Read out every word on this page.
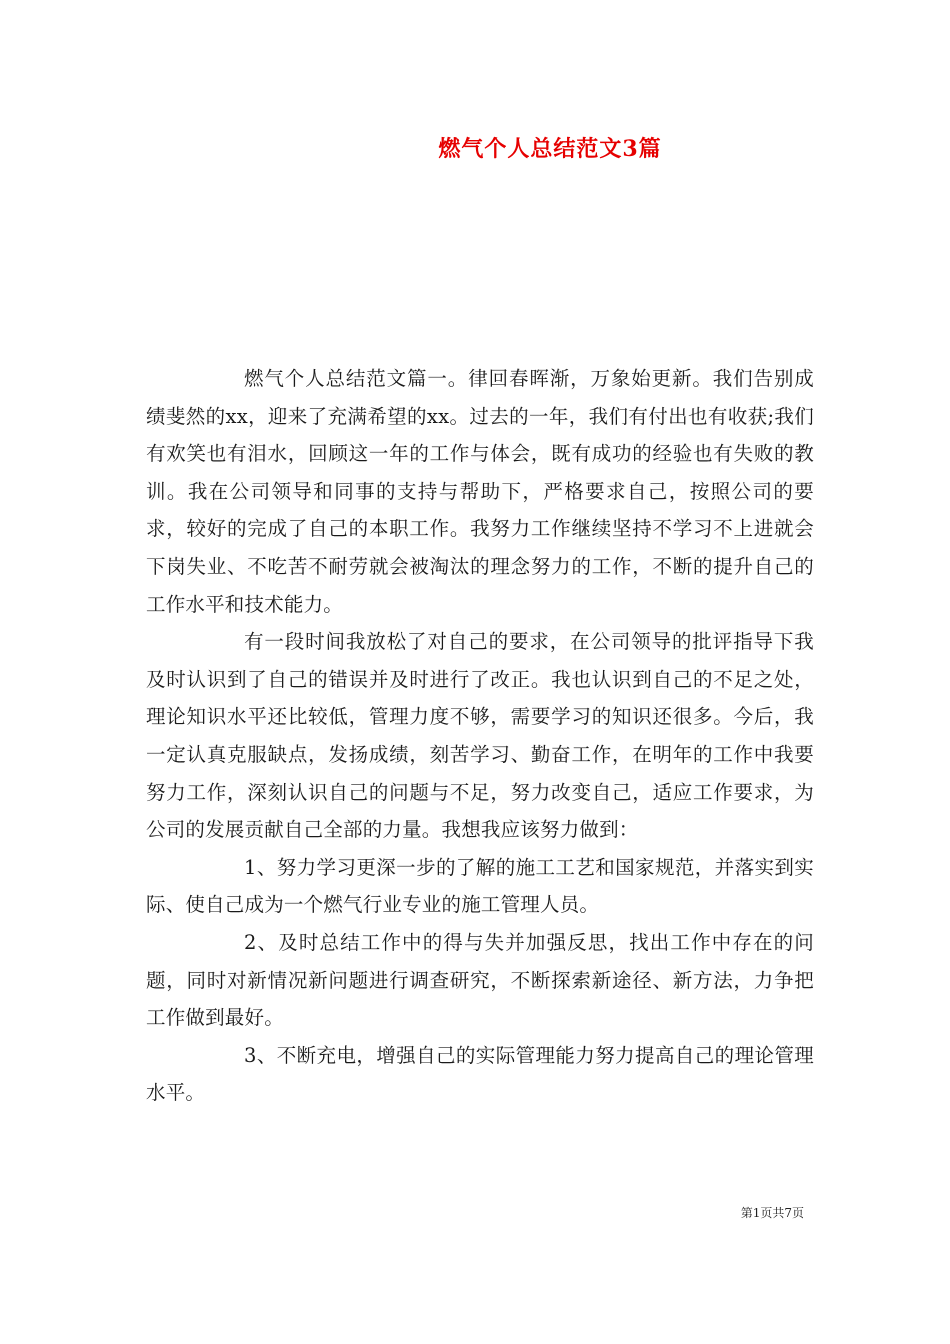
燃气个人总结范文3篇

燃气个人总结范文篇一。律回春晖渐，万象始更新。我们告别成绩斐然的xx，迎来了充满希望的xx。过去的一年，我们有付出也有收获;我们有欢笑也有泪水，回顾这一年的工作与体会，既有成功的经验也有失败的教训。我在公司领导和同事的支持与帮助下，严格要求自己，按照公司的要求，较好的完成了自己的本职工作。我努力工作继续坚持不学习不上进就会下岗失业、不吃苦不耐劳就会被淘汰的理念努力的工作，不断的提升自己的工作水平和技术能力。

有一段时间我放松了对自己的要求，在公司领导的批评指导下我及时认识到了自己的错误并及时进行了改正。我也认识到自己的不足之处，理论知识水平还比较低，管理力度不够，需要学习的知识还很多。今后，我一定认真克服缺点，发扬成绩，刻苦学习、勤奋工作，在明年的工作中我要努力工作，深刻认识自己的问题与不足，努力改变自己，适应工作要求，为公司的发展贡献自己全部的力量。我想我应该努力做到：

1、努力学习更深一步的了解的施工工艺和国家规范，并落实到实际、使自己成为一个燃气行业专业的施工管理人员。

2、及时总结工作中的得与失并加强反思，找出工作中存在的问题，同时对新情况新问题进行调查研究，不断探索新途径、新方法，力争把工作做到最好。

3、不断充电，增强自己的实际管理能力努力提高自己的理论管理水平。

第1页共7页
